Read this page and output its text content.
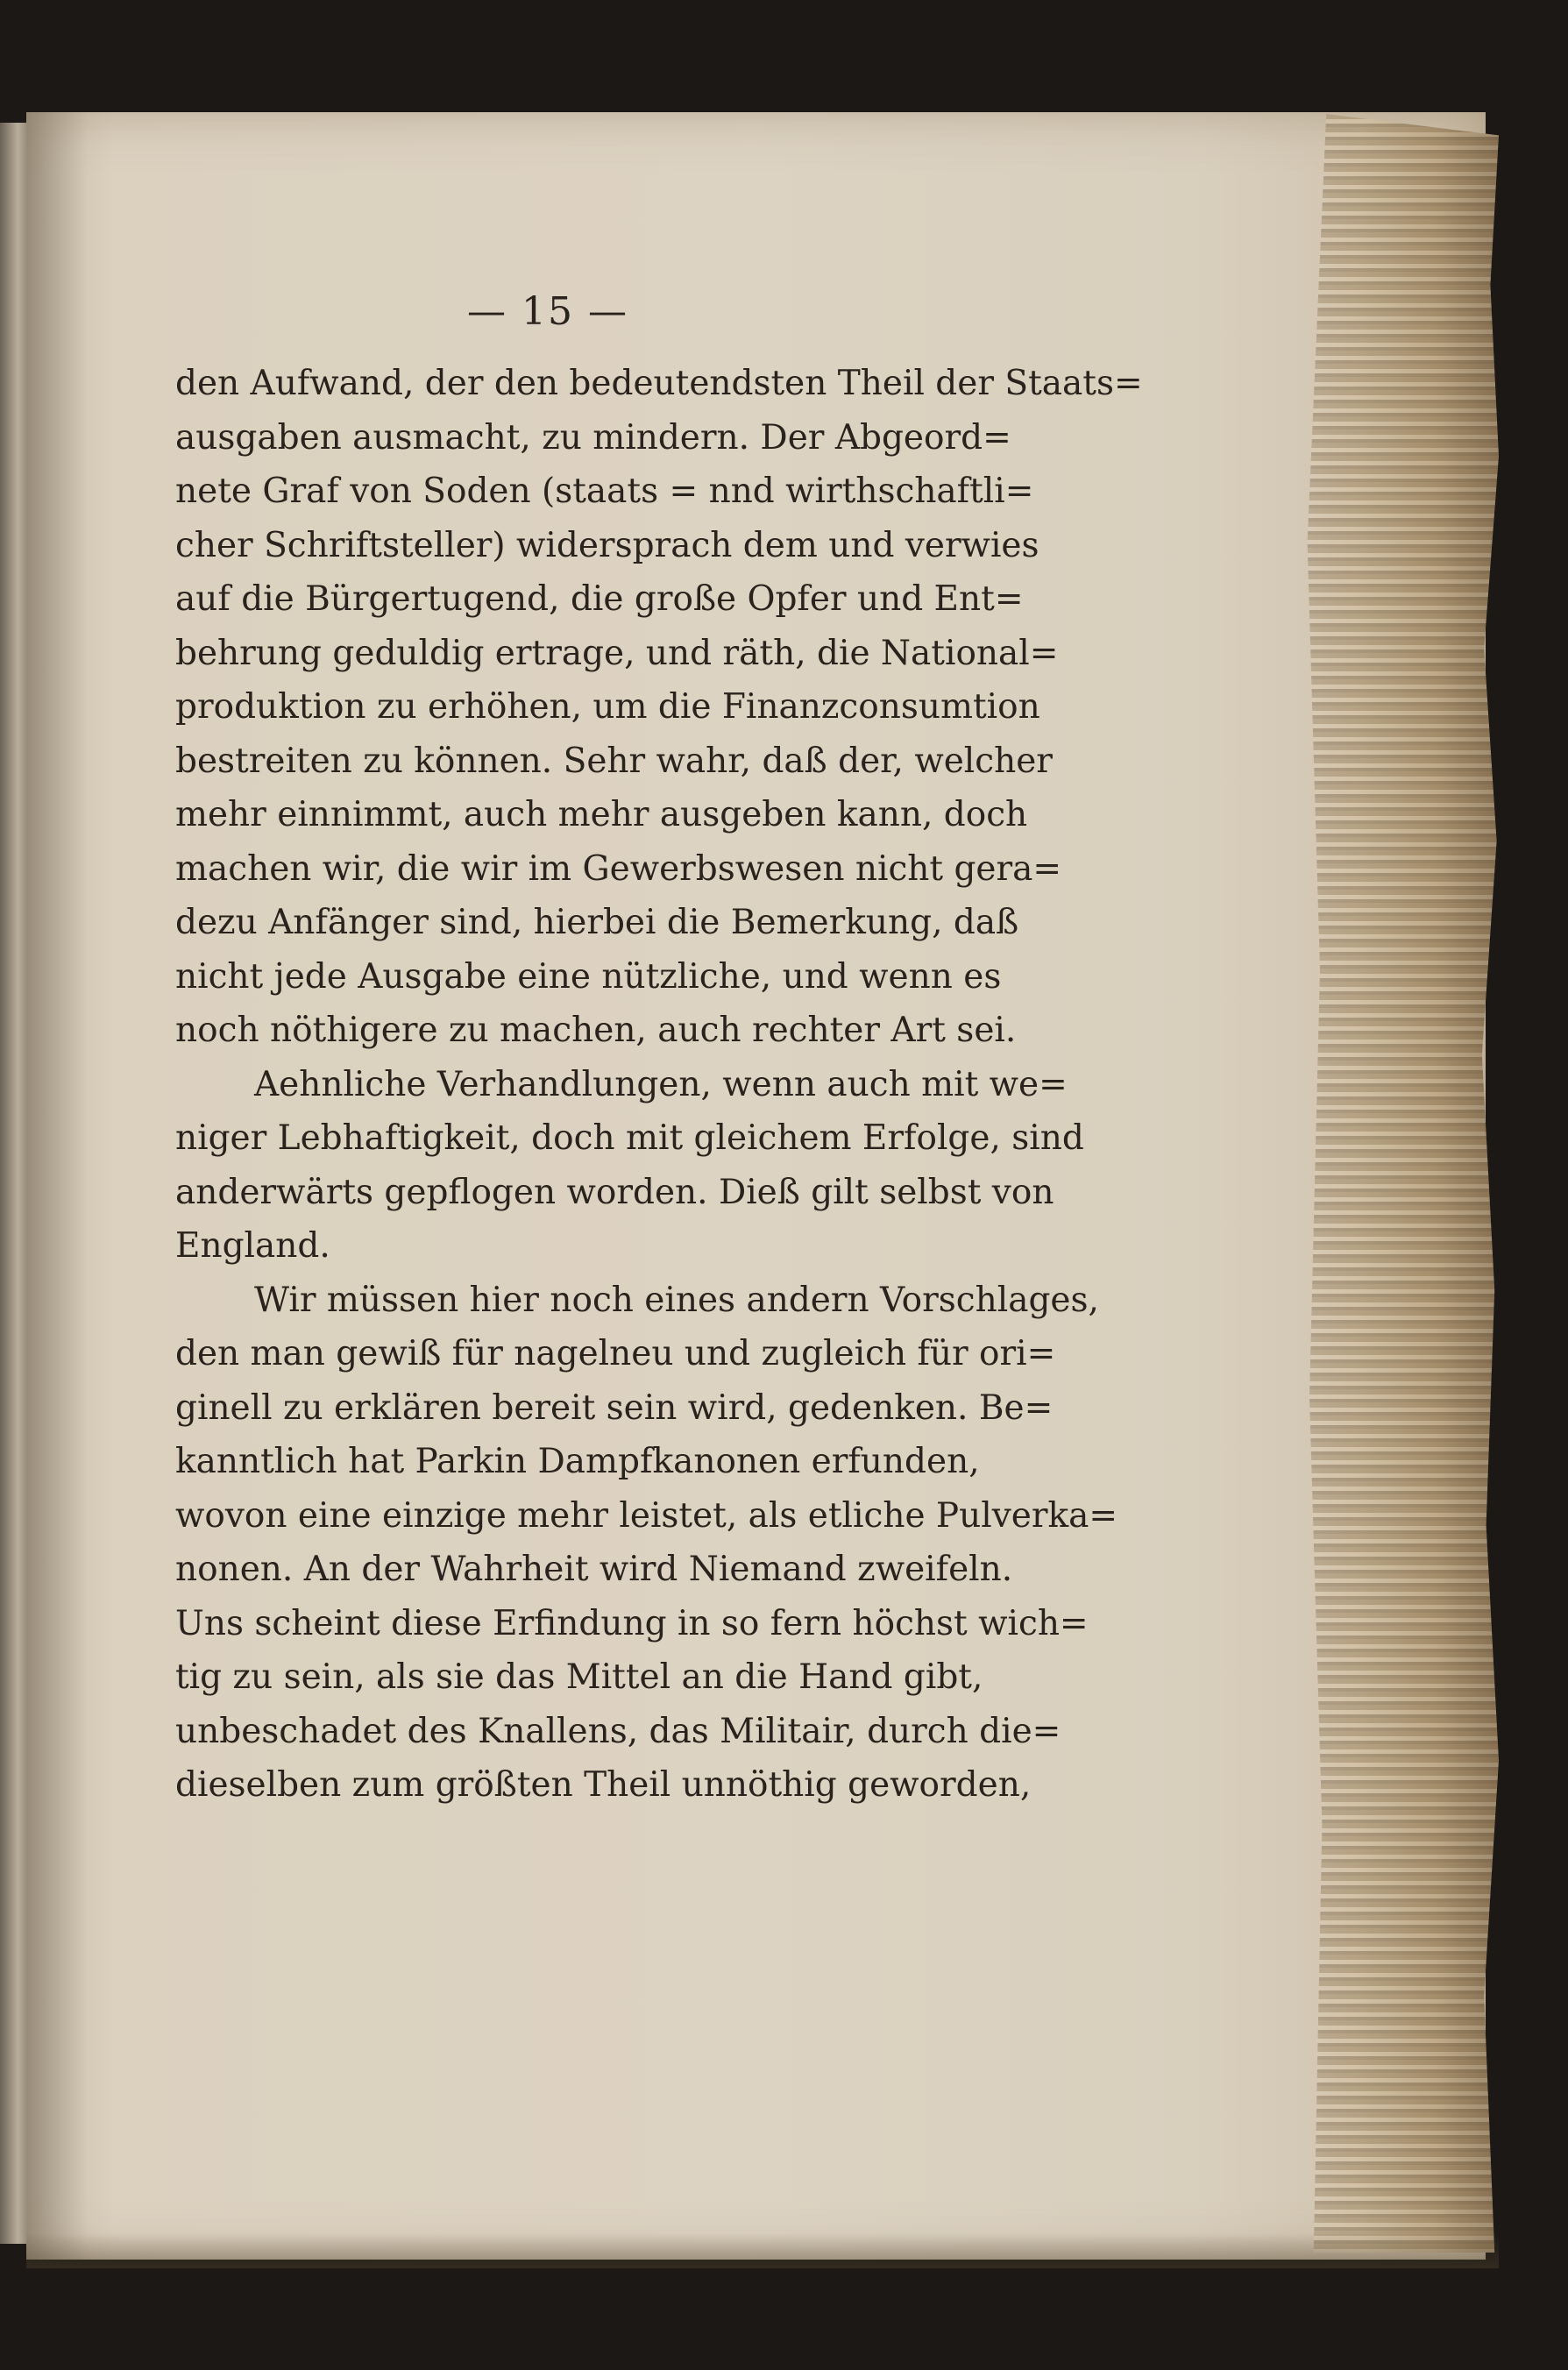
— 15 —
den Aufwand, der den bedeutendsten Theil der Staats=
ausgaben ausmacht, zu mindern. Der Abgeord=
nete Graf von Soden (staats = nnd wirthschaftli=
cher Schriftsteller) widersprach dem und verwies
auf die Bürgertugend, die große Opfer und Ent=
behrung geduldig ertrage, und räth, die National=
produktion zu erhöhen, um die Finanzconsumtion
bestreiten zu können. Sehr wahr, daß der, welcher
mehr einnimmt, auch mehr ausgeben kann, doch
machen wir, die wir im Gewerbswesen nicht gera=
dezu Anfänger sind, hierbei die Bemerkung, daß
nicht jede Ausgabe eine nützliche, und wenn es
noch nöthigere zu machen, auch rechter Art sei.
Aehnliche Verhandlungen, wenn auch mit we=
niger Lebhaftigkeit, doch mit gleichem Erfolge, sind
anderwärts gepflogen worden. Dieß gilt selbst von
England.
Wir müssen hier noch eines andern Vorschlages,
den man gewiß für nagelneu und zugleich für ori=
ginell zu erklären bereit sein wird, gedenken. Be=
kanntlich hat Parkin Dampfkanonen erfunden,
wovon eine einzige mehr leistet, als etliche Pulverka=
nonen. An der Wahrheit wird Niemand zweifeln.
Uns scheint diese Erfindung in so fern höchst wich=
tig zu sein, als sie das Mittel an die Hand gibt,
unbeschadet des Knallens, das Militair, durch die=
dieselben zum größten Theil unnöthig geworden,
